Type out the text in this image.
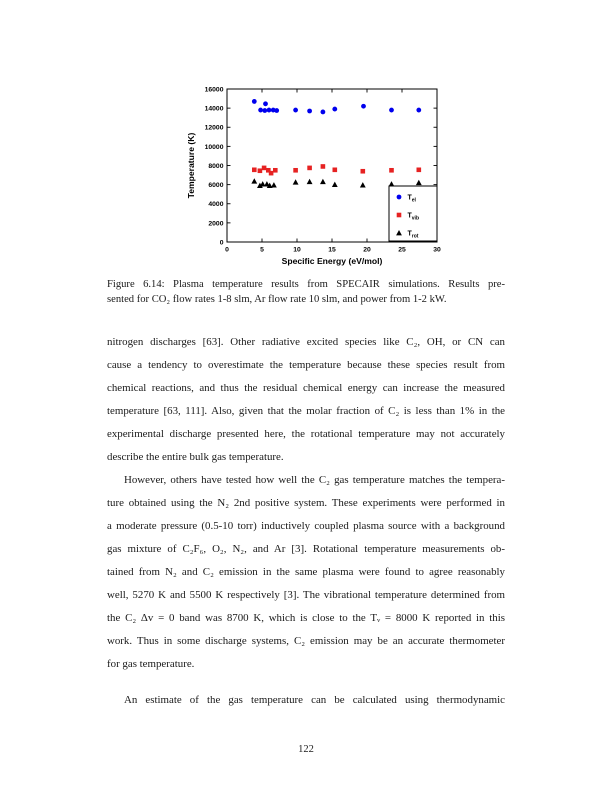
0	5	10	15	20	25	30
0
2000
4000
6000
8000
10000
12000
14000
16000
Temperature (K)
Specific Energy (eV/mol)
$T_{el}$
$T_{vib}$
$T_{rot}$
Figure 6.14: Plasma temperature results from SPECAIR simulations. Results pre-
sented for CO₂ flow rates 1-8 slm, Ar flow rate 10 slm, and power from 1-2 kW.
nitrogen discharges [63]. Other radiative excited species like C₂, OH, or CN can
cause a tendency to overestimate the temperature because these species result from
chemical reactions, and thus the residual chemical energy can increase the measured
temperature [63, 111]. Also, given that the molar fraction of C₂ is less than 1% in the
experimental discharge presented here, the rotational temperature may not accurately
describe the entire bulk gas temperature.
However, others have tested how well the C₂ gas temperature matches the tempera-
ture obtained using the N₂ 2nd positive system. These experiments were performed in
a moderate pressure (0.5-10 torr) inductively coupled plasma source with a background
gas mixture of C₂F₆, O₂, N₂, and Ar [3]. Rotational temperature measurements ob-
tained from N₂ and C₂ emission in the same plasma were found to agree reasonably
well, 5270 K and 5500 K respectively [3]. The vibrational temperature determined from
the C₂ Δv = 0 band was 8700 K, which is close to the Tᵥ = 8000 K reported in this
work. Thus in some discharge systems, C₂ emission may be an accurate thermometer
for gas temperature.
An estimate of the gas temperature can be calculated using thermodynamic
122
